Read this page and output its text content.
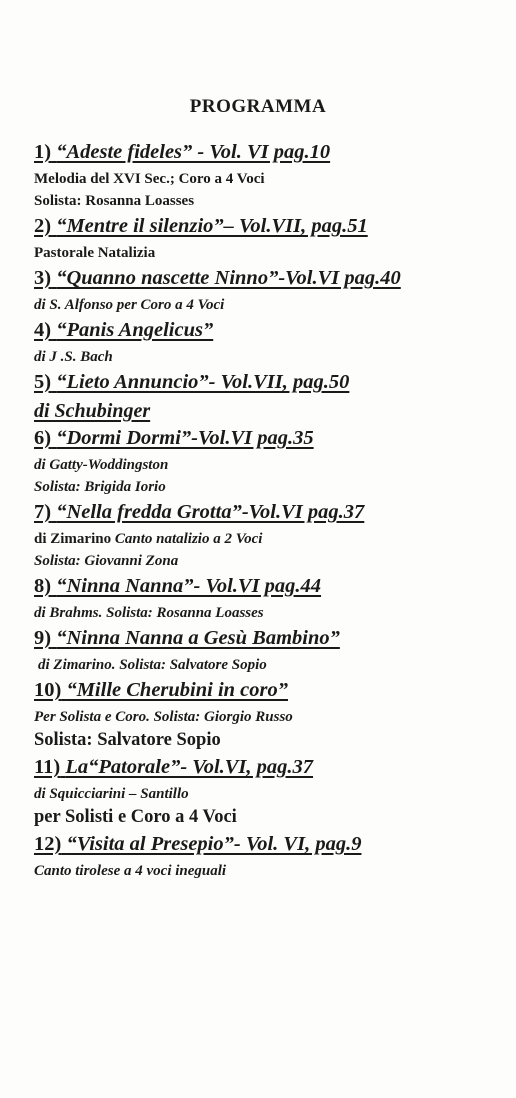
PROGRAMMA
1) “Adeste fideles” - Vol. VI pag.10
Melodia del XVI Sec.; Coro a 4 Voci
Solista: Rosanna Loasses
2) “Mentre il silenzio”– Vol.VII, pag.51
Pastorale Natalizia
3) “Quanno nascette Ninno”-Vol.VI pag.40
di S. Alfonso per Coro a 4 Voci
4) “Panis Angelicus”
di J .S. Bach
5) “Lieto Annuncio”- Vol.VII, pag.50
di Schubinger
6) “Dormi Dormi”-Vol.VI pag.35
di Gatty-Woddingston
Solista: Brigida Iorio
7) “Nella fredda Grotta”-Vol.VI pag.37
di Zimarino Canto natalizio a 2 Voci
Solista: Giovanni Zona
8) “Ninna Nanna”- Vol.VI pag.44
di Brahms. Solista: Rosanna Loasses
9) “Ninna Nanna a Gesù Bambino”
di Zimarino. Solista: Salvatore Sopio
10) “Mille Cherubini in coro”
Per Solista e Coro. Solista: Giorgio Russo
Solista: Salvatore Sopio
11) La“Patorale”- Vol.VI, pag.37
di Squicciarini – Santillo
per Solisti e Coro a 4 Voci
12) “Visita al Presepio”- Vol. VI, pag.9
Canto tirolese a 4 voci ineguali
